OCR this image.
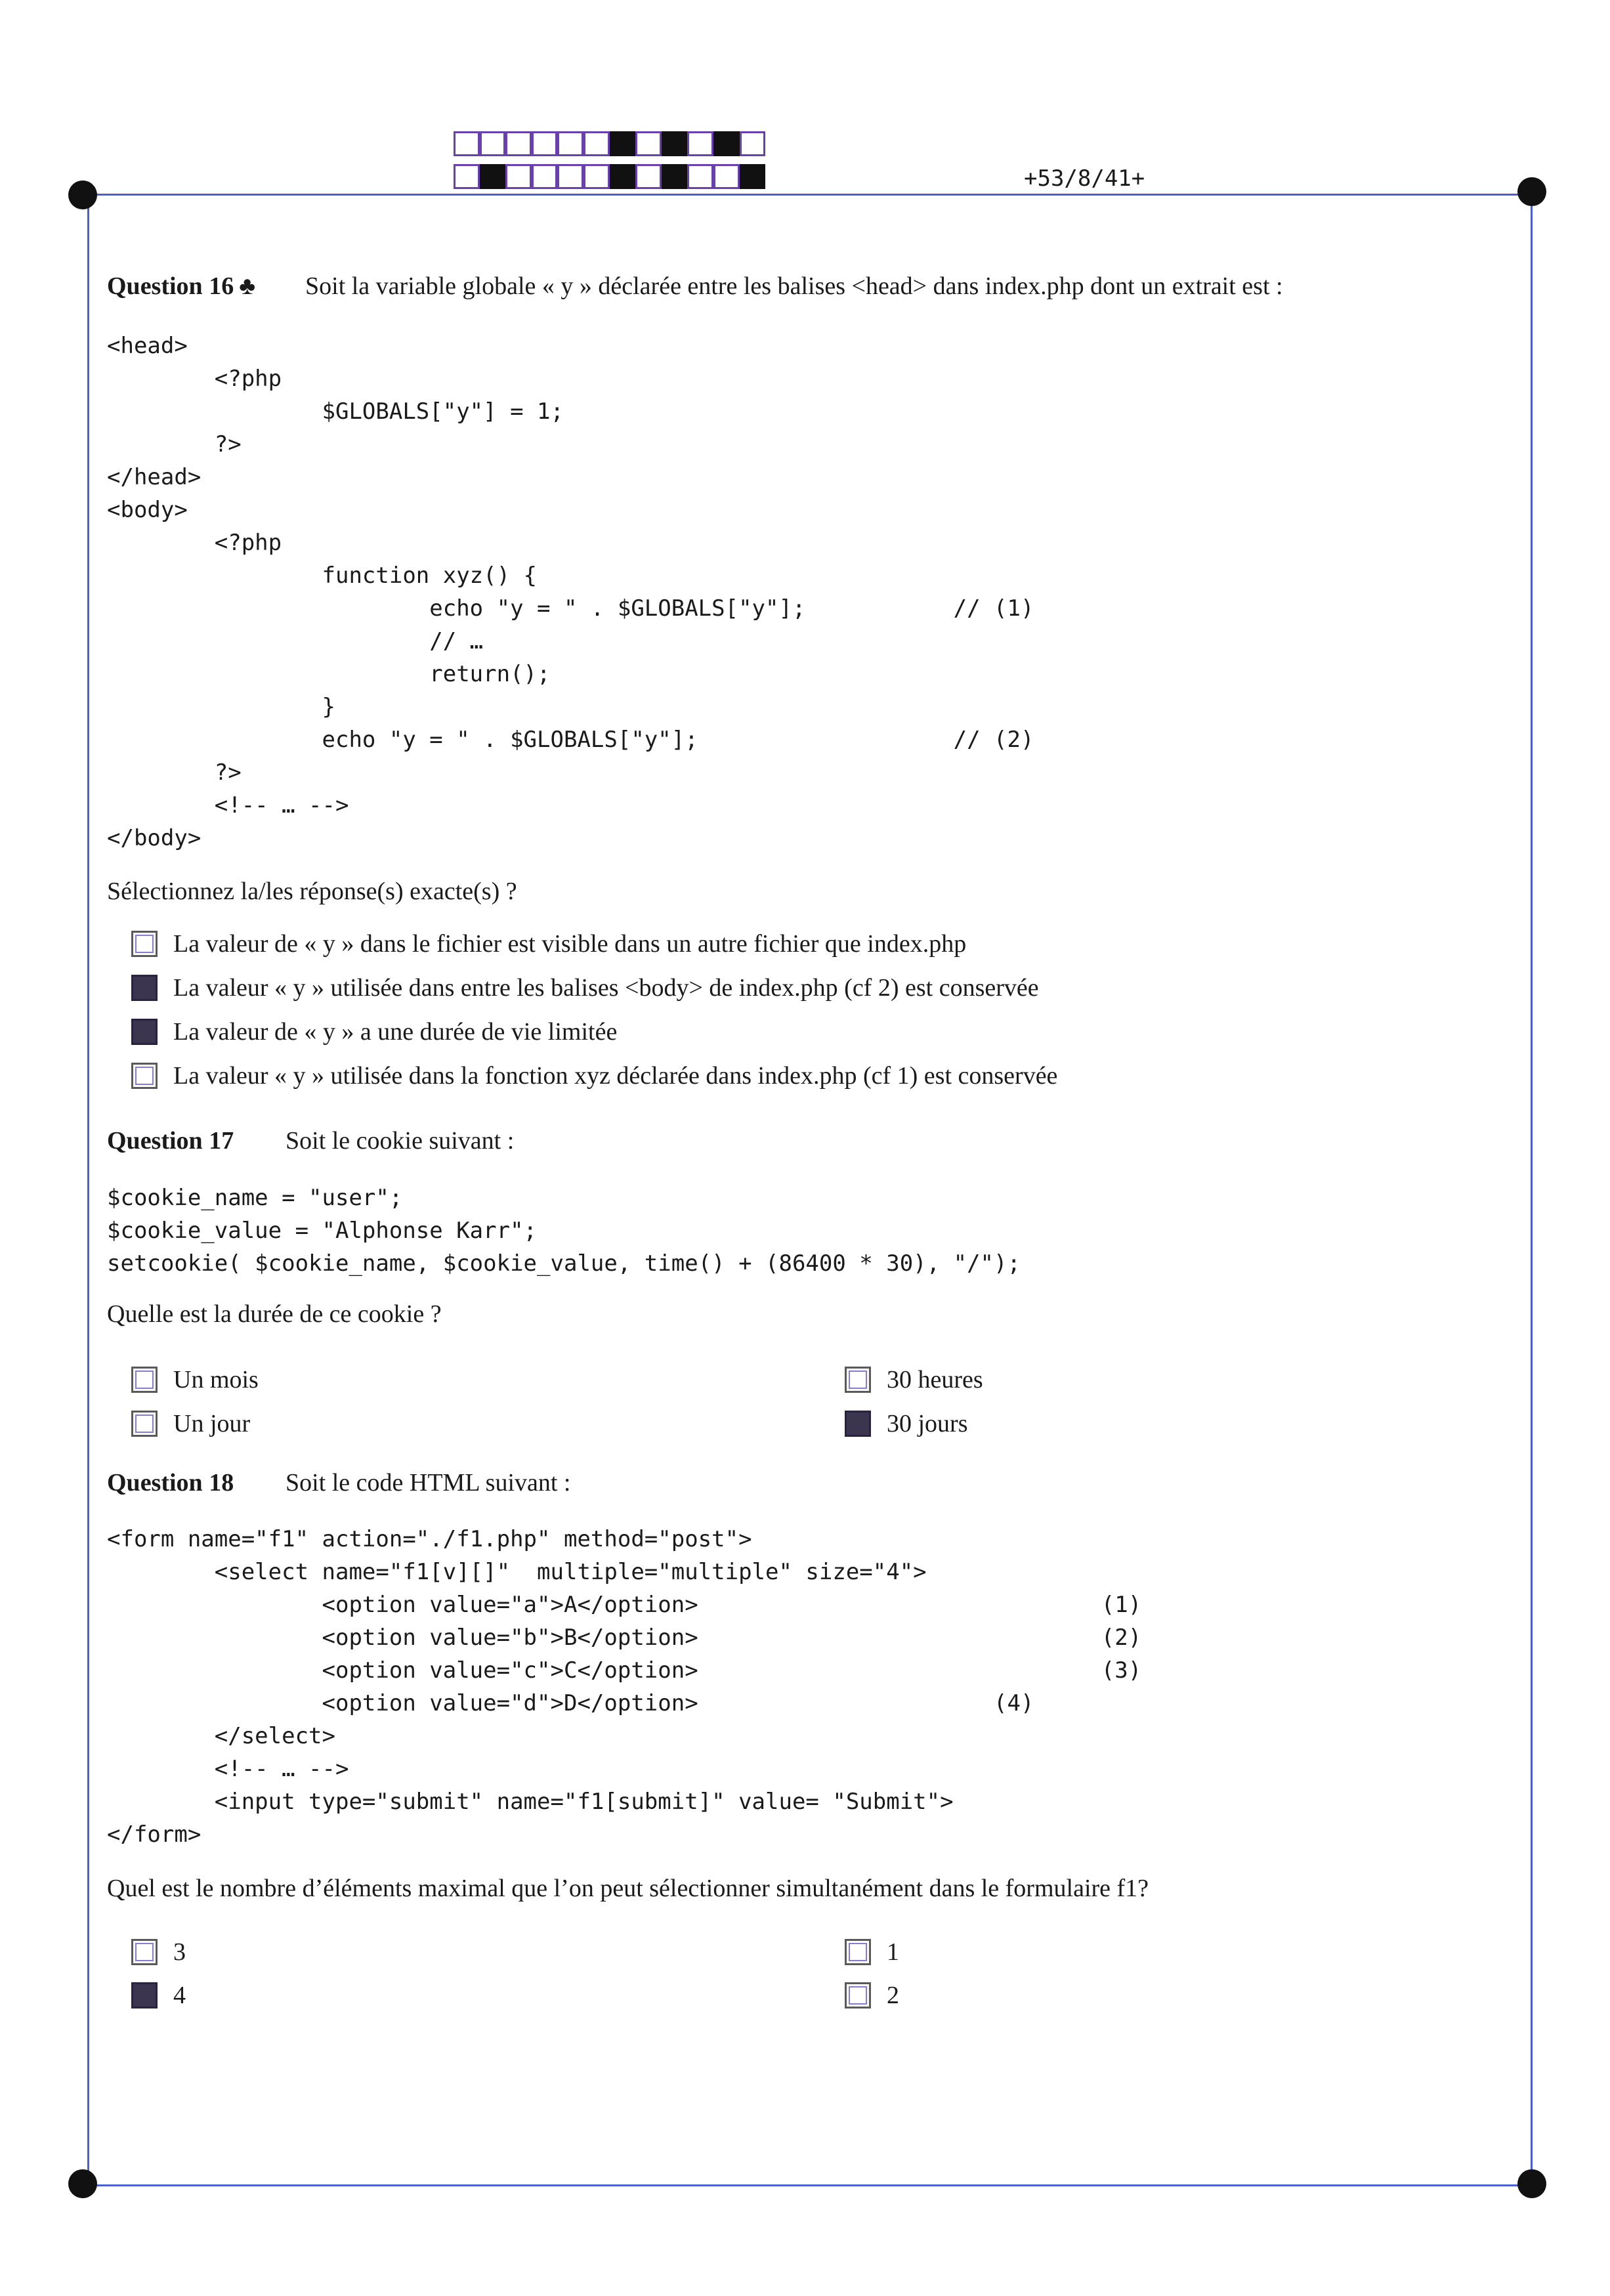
+53/8/41+
Question 16 ♣ Soit la variable globale « y » déclarée entre les balises <head> dans index.php dont un extrait est :
<head>
<?php
$GLOBALS["y"] = 1;
?>
</head>
<body>
<?php
function xyz() {
echo "y = " . $GLOBALS["y"];           // (1)
// …
return();
}
echo "y = " . $GLOBALS["y"];                   // (2)
?>
<!-- … -->
</body>
Sélectionnez la/les réponse(s) exacte(s) ?
La valeur de « y » dans le fichier est visible dans un autre fichier que index.php
La valeur « y » utilisée dans entre les balises <body> de index.php (cf 2) est conservée
La valeur de « y » a une durée de vie limitée
La valeur « y » utilisée dans la fonction xyz déclarée dans index.php (cf 1) est conservée
Question 17 Soit le cookie suivant :
$cookie_name = "user";
$cookie_value = "Alphonse Karr";
setcookie( $cookie_name, $cookie_value, time() + (86400 * 30), "/");
Quelle est la durée de ce cookie ?
Un mois
Un jour
30 heures
30 jours
Question 18 Soit le code HTML suivant :
<form name="f1" action="./f1.php" method="post">
<select name="f1[v][]"  multiple="multiple" size="4">
<option value="a">A</option>                              (1)
<option value="b">B</option>                              (2)
<option value="c">C</option>                              (3)
<option value="d">D</option>                      (4)
</select>
<!-- … -->
<input type="submit" name="f1[submit]" value= "Submit">
</form>
Quel est le nombre d’éléments maximal que l’on peut sélectionner simultanément dans le formulaire f1?
3
4
1
2
